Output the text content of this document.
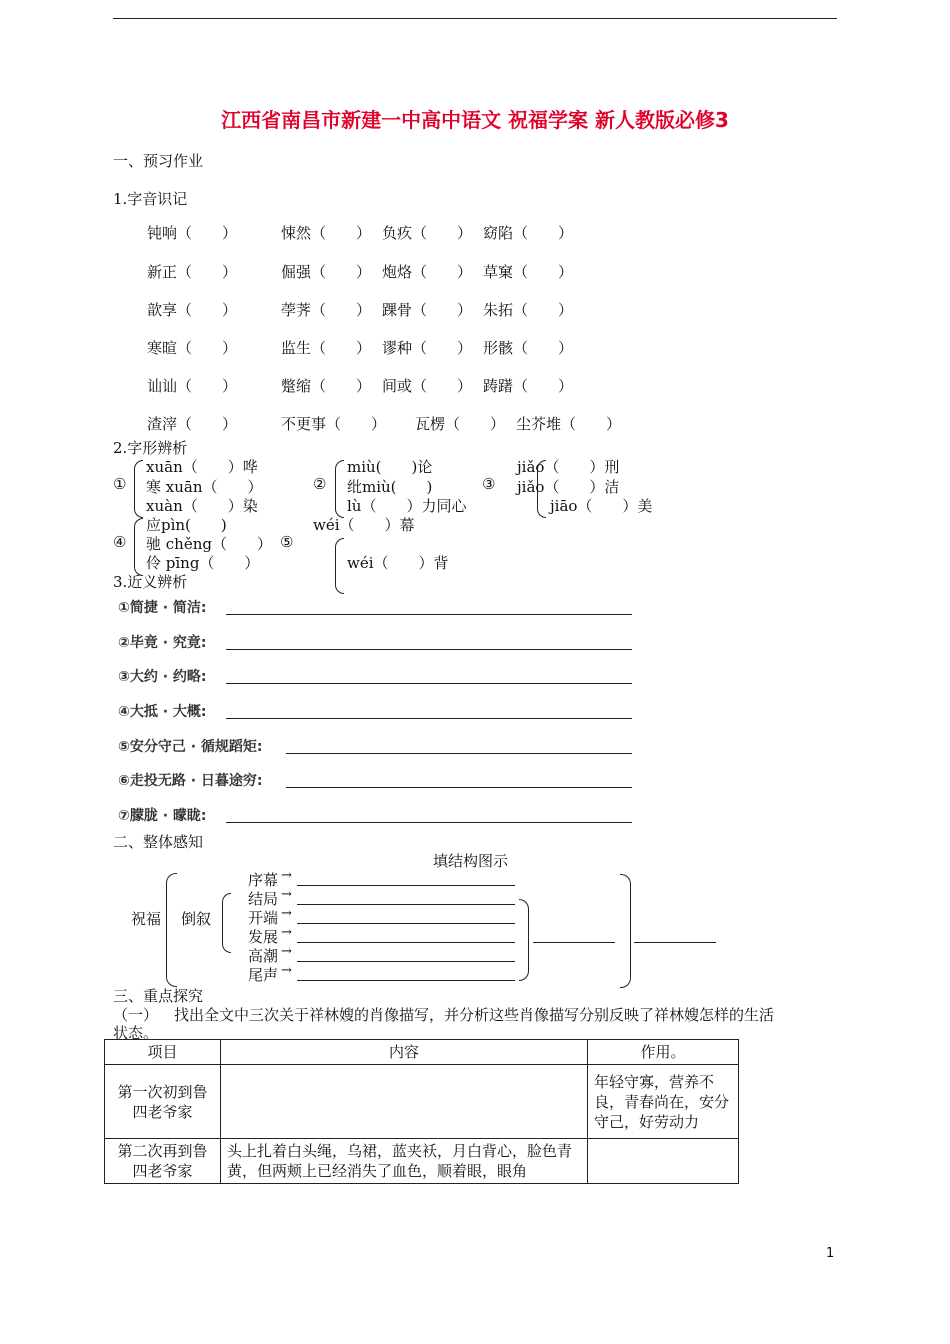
江西省南昌市新建一中高中语文 祝福学案 新人教版必修3
一、预习作业
1.字音识记
钝响（　　）	悚然（　　） 负疚（　　） 窈陷（　　）
新正（　　）	倔强（　　） 炮烙（　　） 草窠（　　）
歆享（　　）	荸荠（　　） 踝骨（　　） 朱拓（　　）
寒暄（　　）	监生（　　） 谬种（　　） 形骸（　　）
讪讪（　　）	蹩缩（　　） 间或（　　） 踌躇（　　）
渣滓（　　）	不更事（　　） 瓦楞（　　） 尘芥堆（　　）
2.字形辨析
①
xuān（　　）哗
寒 xuān（　　）
xuàn（　　）染
②
miù(　　)论
纰miù(　　)
lù（　　）力同心
③
jiǎo（　　）刑
jiǎo（　　）洁
jiāo（　　）美
④
应pìn(　　)
驰 chěng（　　）
伶 pīng（　　）
⑤
wéi（　　）幕
wéi（　　）背
3.近义辨析
①简捷 · 简洁:
②毕竟 · 究竟:
③大约 · 约略:
④大抵 · 大概:
⑤安分守己 · 循规蹈矩:
⑥走投无路 · 日暮途穷:
⑦朦胧 · 曚眬:
二、整体感知
填结构图示
祝福 倒叙
序幕 →
结局 →
开端 →
发展 →
高潮 →
尾声 →
三、重点探究
（一） 找出全文中三次关于祥林嫂的肖像描写，并分析这些肖像描写分别反映了祥林嫂怎样的生活
状态。
项目	内容	作用。
第一次初到鲁四老爷家		年轻守寡，营养不良，青春尚在，安分守己，好劳动力
第二次再到鲁四老爷家	头上扎着白头绳，乌裙，蓝夹袄，月白背心，脸色青黄，但两颊上已经消失了血色，顺着眼，眼角	
1
